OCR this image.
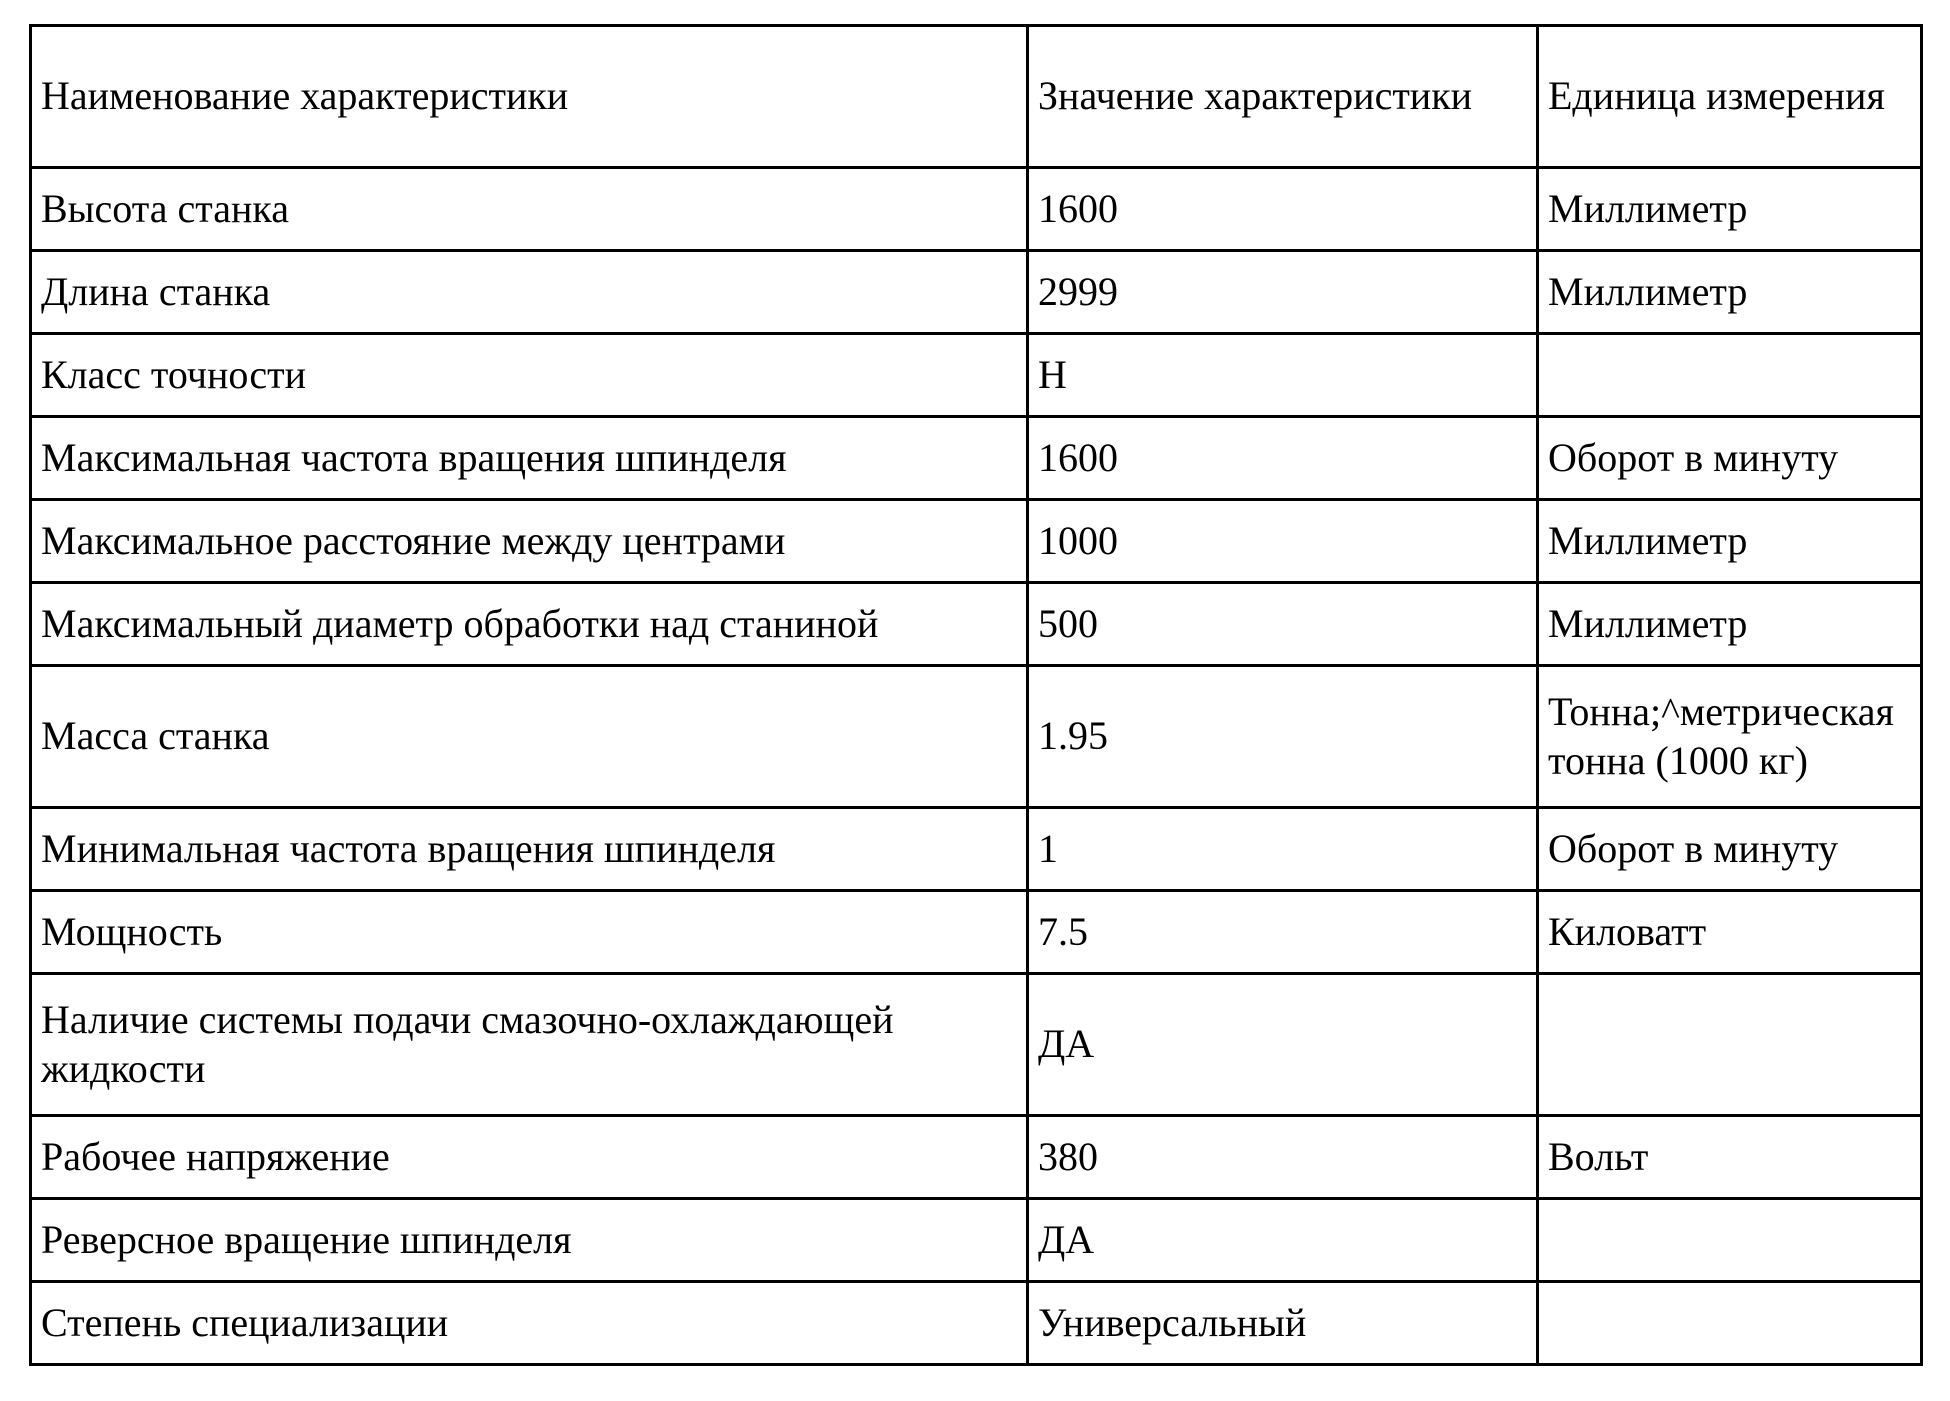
Наименование характеристики	Значение характеристики	Единица измерения
Высота станка	1600	Миллиметр
Длина станка	2999	Миллиметр
Класс точности	Н	
Максимальная частота вращения шпинделя	1600	Оборот в минуту
Максимальное расстояние между центрами	1000	Миллиметр
Максимальный диаметр обработки над станиной	500	Миллиметр
Масса станка	1.95	Тонна;^метрическая тонна (1000 кг)
Минимальная частота вращения шпинделя	1	Оборот в минуту
Мощность	7.5	Киловатт
Наличие системы подачи смазочно-охлаждающей жидкости	ДА	
Рабочее напряжение	380	Вольт
Реверсное вращение шпинделя	ДА	
Степень специализации	Универсальный	
